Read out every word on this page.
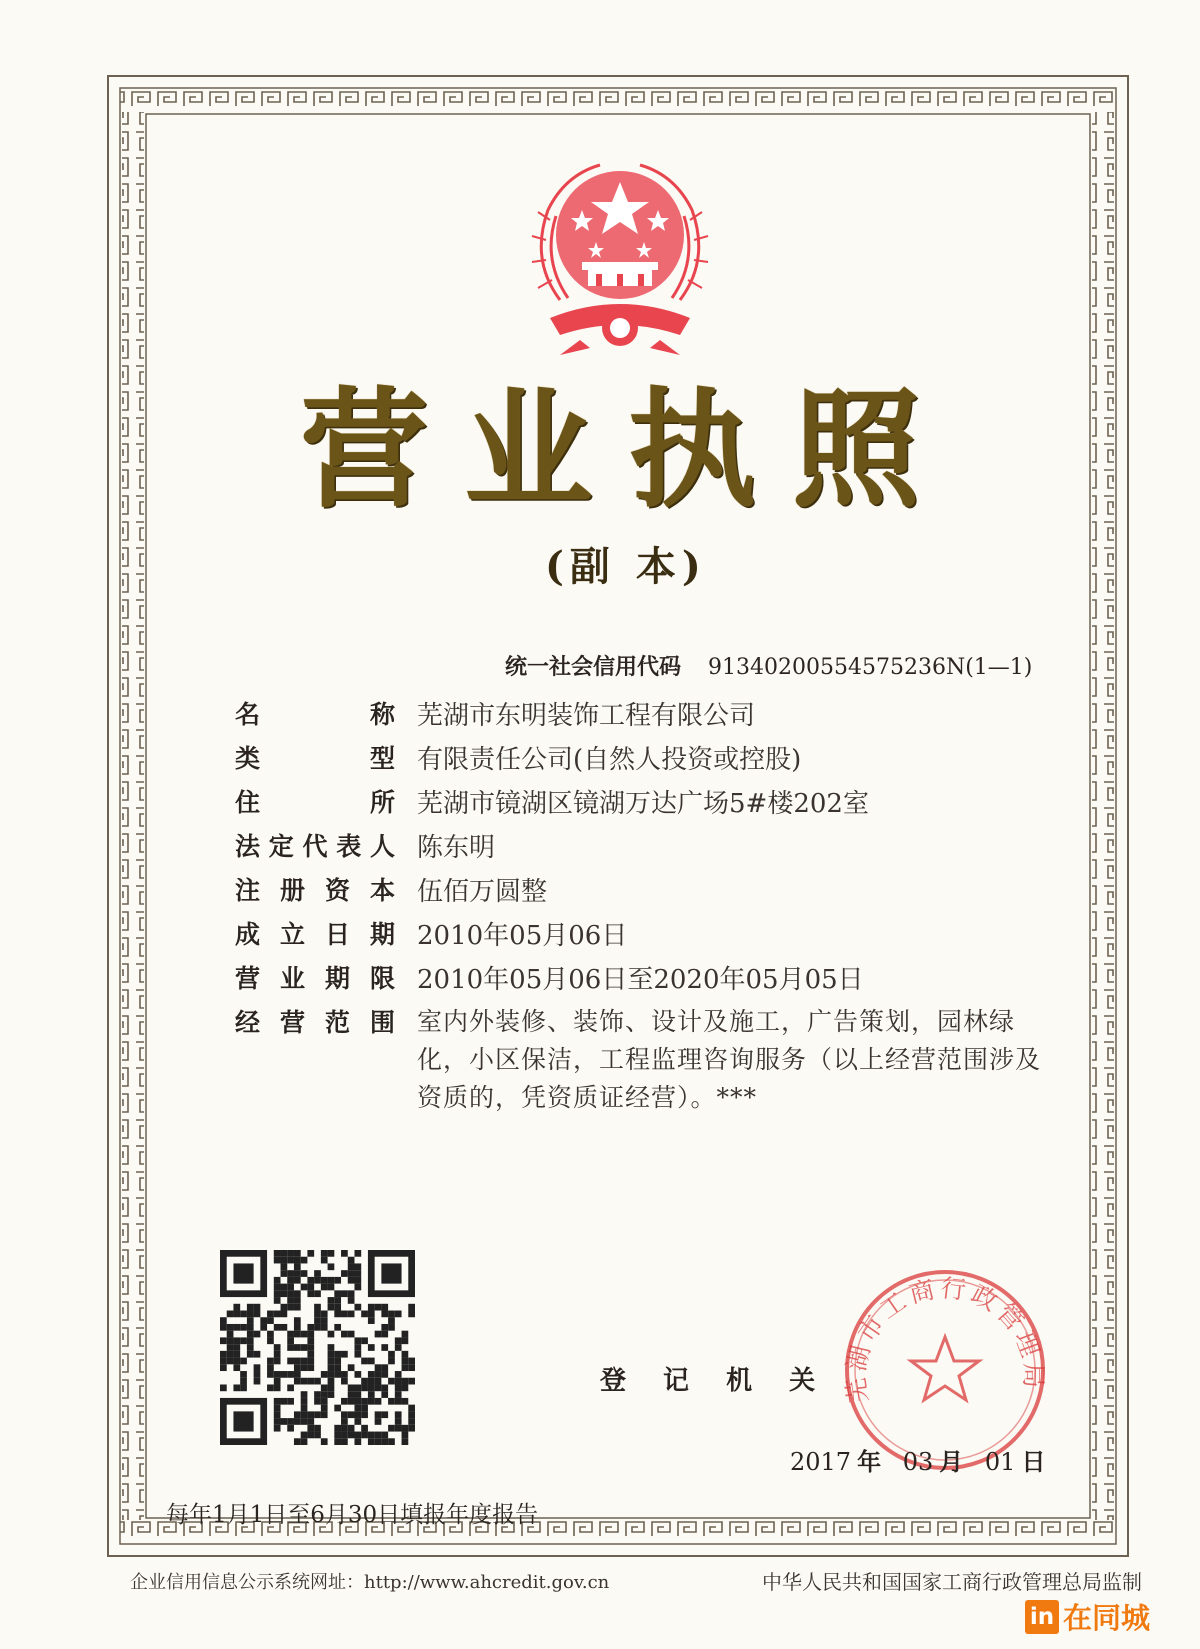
营 业 执 照
(副 本)
统一社会信用代码 91340200554575236N(1—1)
名	称 芜湖市东明装饰工程有限公司
类	型 有限责任公司(自然人投资或控股)
住	所 芜湖市镜湖区镜湖万达广场5#楼202室
法 定 代 表 人 陈东明
注 册 资 本 伍佰万圆整
成 立 日 期 2010年05月06日
营 业 期 限 2010年05月06日至2020年05月05日
经 营 范 围 室内外装修、装饰、设计及施工，广告策划，园林绿化，小区保洁，工程监理咨询服务（以上经营范围涉及资质的，凭资质证经营）。***
登 记 机 关 芜湖市工商行政管理局
2017 年 03 月 01 日
每年1月1日至6月30日填报年度报告
企业信用信息公示系统网址：http://www.ahcredit.gov.cn	中华人民共和国国家工商行政管理总局监制
in 在同城
